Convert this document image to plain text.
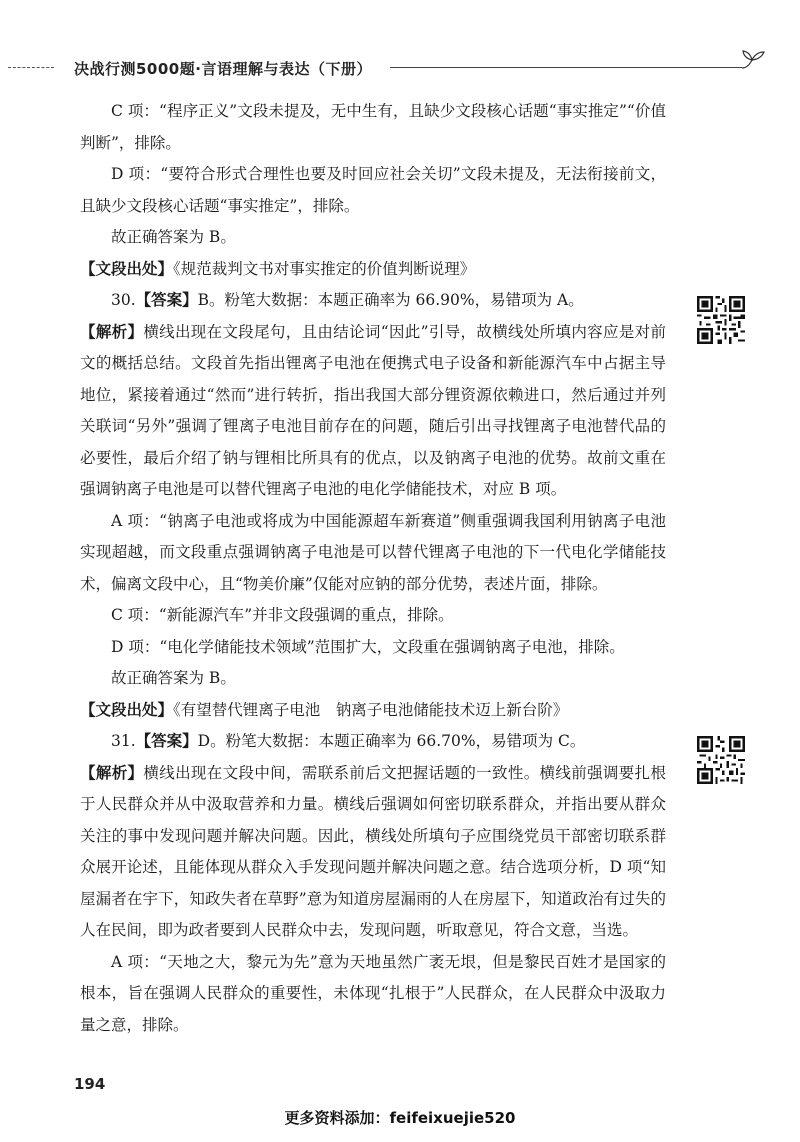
决战行测5000题·言语理解与表达（下册）

C 项：“程序正义”文段未提及，无中生有，且缺少文段核心话题“事实推定”“价值判断”，排除。

D 项：“要符合形式合理性也要及时回应社会关切”文段未提及，无法衔接前文，且缺少文段核心话题“事实推定”，排除。

故正确答案为 B。

【文段出处】《规范裁判文书对事实推定的价值判断说理》

30.【答案】B。粉笔大数据：本题正确率为 66.90%，易错项为 A。

【解析】横线出现在文段尾句，且由结论词“因此”引导，故横线处所填内容应是对前文的概括总结。文段首先指出锂离子电池在便携式电子设备和新能源汽车中占据主导地位，紧接着通过“然而”进行转折，指出我国大部分锂资源依赖进口，然后通过并列关联词“另外”强调了锂离子电池目前存在的问题，随后引出寻找锂离子电池替代品的必要性，最后介绍了钠与锂相比所具有的优点，以及钠离子电池的优势。故前文重在强调钠离子电池是可以替代锂离子电池的电化学储能技术，对应 B 项。

A 项：“钠离子电池或将成为中国能源超车新赛道”侧重强调我国利用钠离子电池实现超越，而文段重点强调钠离子电池是可以替代锂离子电池的下一代电化学储能技术，偏离文段中心，且“物美价廉”仅能对应钠的部分优势，表述片面，排除。

C 项：“新能源汽车”并非文段强调的重点，排除。

D 项：“电化学储能技术领域”范围扩大，文段重在强调钠离子电池，排除。

故正确答案为 B。

【文段出处】《有望替代锂离子电池　钠离子电池储能技术迈上新台阶》

31.【答案】D。粉笔大数据：本题正确率为 66.70%，易错项为 C。

【解析】横线出现在文段中间，需联系前后文把握话题的一致性。横线前强调要扎根于人民群众并从中汲取营养和力量。横线后强调如何密切联系群众，并指出要从群众关注的事中发现问题并解决问题。因此，横线处所填句子应围绕党员干部密切联系群众展开论述，且能体现从群众入手发现问题并解决问题之意。结合选项分析，D 项“知屋漏者在宇下，知政失者在草野”意为知道房屋漏雨的人在房屋下，知道政治有过失的人在民间，即为政者要到人民群众中去，发现问题，听取意见，符合文意，当选。

A 项：“天地之大，黎元为先”意为天地虽然广袤无垠，但是黎民百姓才是国家的根本，旨在强调人民群众的重要性，未体现“扎根于”人民群众，在人民群众中汲取力量之意，排除。

194
更多资料添加：feifeixuejie520
